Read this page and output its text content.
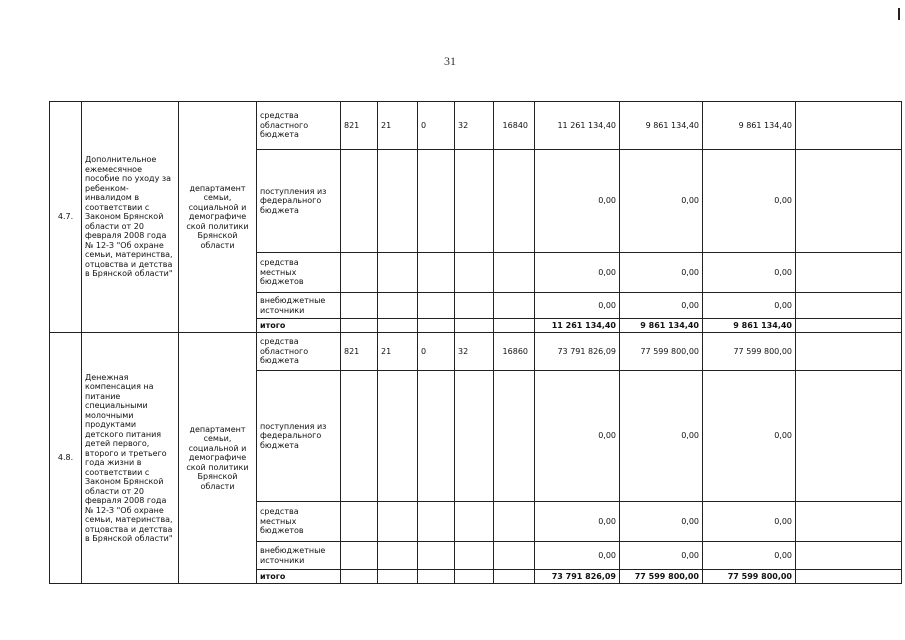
31
4.7.	Дополнительное ежемесячное пособие по уходу за ребенком-инвалидом в соответствии с Законом Брянской области от 20 февраля 2008 года № 12-З "Об охране семьи, материнства, отцовства и детства в Брянской области"	департамент семьи, социальной и демографиче ской политики Брянской области	средства областного бюджета	821	21	0	32	16840	11 261 134,40	9 861 134,40	9 861 134,40	
			поступления из федерального бюджета						0,00	0,00	0,00	
			средства местных бюджетов						0,00	0,00	0,00	
			внебюджетные источники						0,00	0,00	0,00	
			итого						11 261 134,40	9 861 134,40	9 861 134,40	
4.8.	Денежная компенсация на питание специальными молочными продуктами детского питания детей первого, второго и третьего года жизни в соответствии с Законом Брянской области от 20 февраля 2008 года № 12-З "Об охране семьи, материнства, отцовства и детства в Брянской области"	департамент семьи, социальной и демографиче ской политики Брянской области	средства областного бюджета	821	21	0	32	16860	73 791 826,09	77 599 800,00	77 599 800,00	
			поступления из федерального бюджета						0,00	0,00	0,00	
			средства местных бюджетов						0,00	0,00	0,00	
			внебюджетные источники						0,00	0,00	0,00	
			итого						73 791 826,09	77 599 800,00	77 599 800,00	
